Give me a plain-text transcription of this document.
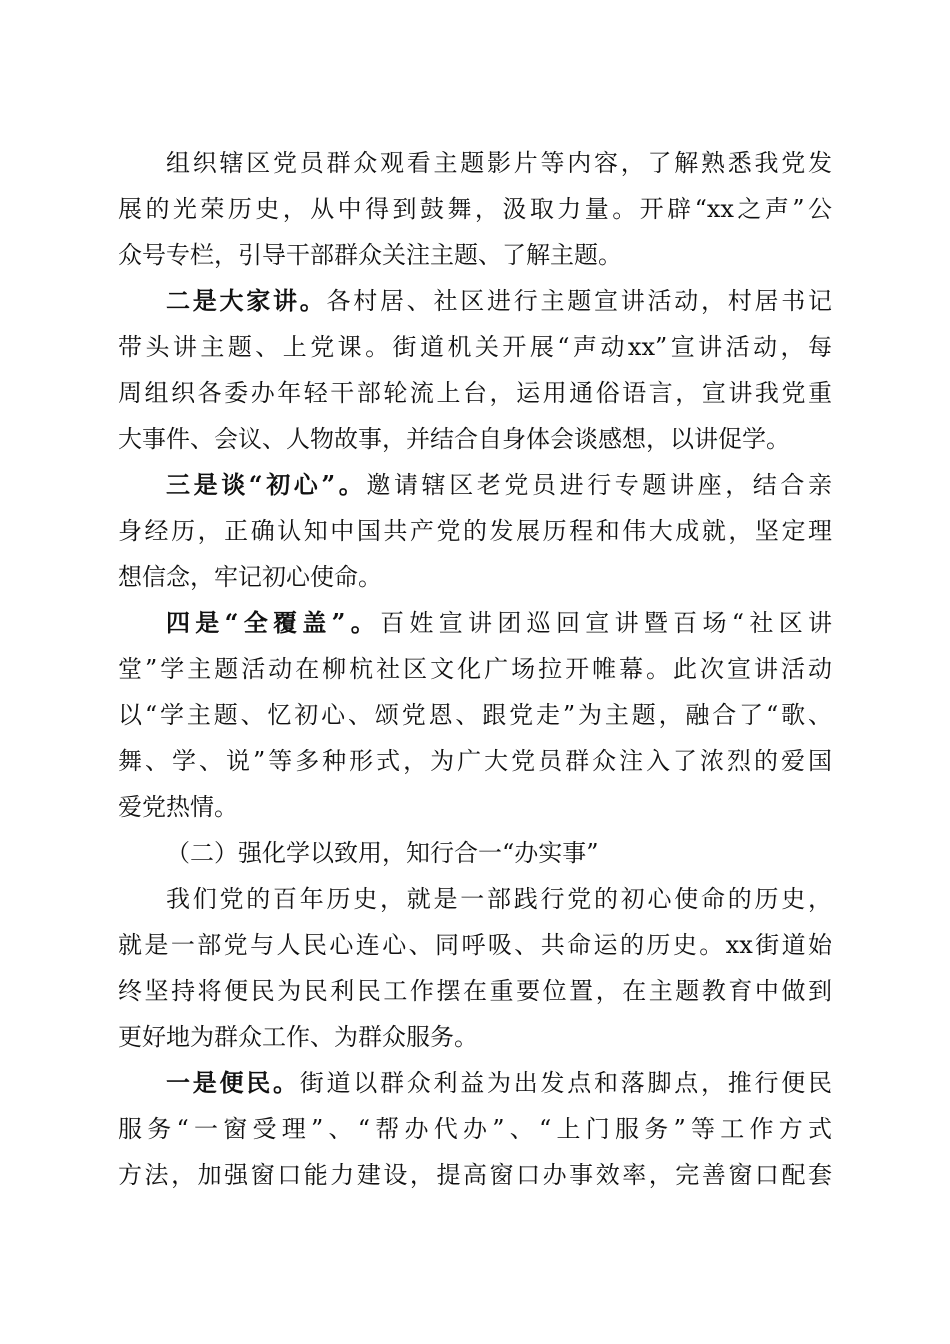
组织辖区党员群众观看主题影片等内容，了解熟悉我党发
展的光荣历史，从中得到鼓舞，汲取力量。开辟“xx之声”公
众号专栏，引导干部群众关注主题、了解主题。
二是大家讲。各村居、社区进行主题宣讲活动，村居书记
带头讲主题、上党课。街道机关开展“声动xx”宣讲活动，每
周组织各委办年轻干部轮流上台，运用通俗语言，宣讲我党重
大事件、会议、人物故事，并结合自身体会谈感想，以讲促学。
三是谈“初心”。邀请辖区老党员进行专题讲座，结合亲
身经历，正确认知中国共产党的发展历程和伟大成就，坚定理
想信念，牢记初心使命。
四是“全覆盖”。百姓宣讲团巡回宣讲暨百场“社区讲
堂”学主题活动在柳杭社区文化广场拉开帷幕。此次宣讲活动
以“学主题、忆初心、颂党恩、跟党走”为主题，融合了“歌、
舞、学、说”等多种形式，为广大党员群众注入了浓烈的爱国
爱党热情。
（二）强化学以致用，知行合一“办实事”
我们党的百年历史，就是一部践行党的初心使命的历史，
就是一部党与人民心连心、同呼吸、共命运的历史。xx街道始
终坚持将便民为民利民工作摆在重要位置，在主题教育中做到
更好地为群众工作、为群众服务。
一是便民。街道以群众利益为出发点和落脚点，推行便民
服务“一窗受理”、“帮办代办”、“上门服务”等工作方式
方法，加强窗口能力建设，提高窗口办事效率，完善窗口配套
